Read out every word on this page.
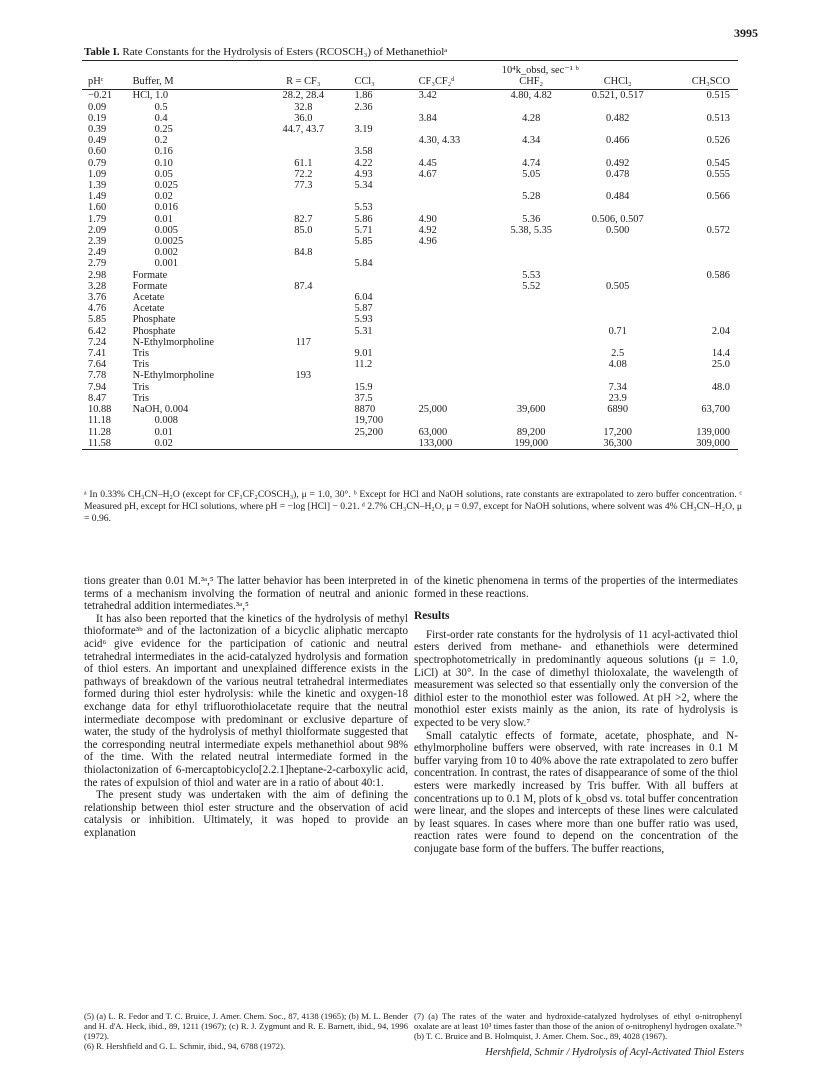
3995
Table I. Rate Constants for the Hydrolysis of Esters (RCOSCH₃) of Methanethiolᵃ
			10⁴k_obsd, sec⁻¹ ᵇ				
pHᶜ	Buffer, M	R = CF₃	CCl₃	CF₃CF₂ᵈ	CHF₂	CHCl₂	CH₃SCO
−0.21	HCl, 1.0	28.2, 28.4	1.86	3.42	4.80, 4.82	0.521, 0.517	0.515
0.09	0.5	32.8	2.36				
0.19	0.4	36.0		3.84	4.28	0.482	0.513
0.39	0.25	44.7, 43.7	3.19				
0.49	0.2			4.30, 4.33	4.34	0.466	0.526
0.60	0.16		3.58				
0.79	0.10	61.1	4.22	4.45	4.74	0.492	0.545
1.09	0.05	72.2	4.93	4.67	5.05	0.478	0.555
1.39	0.025	77.3	5.34				
1.49	0.02				5.28	0.484	0.566
1.60	0.016		5.53				
1.79	0.01	82.7	5.86	4.90	5.36	0.506, 0.507	
2.09	0.005	85.0	5.71	4.92	5.38, 5.35	0.500	0.572
2.39	0.0025		5.85	4.96			
2.49	0.002	84.8					
2.79	0.001		5.84				
2.98	Formate				5.53		0.586
3.28	Formate	87.4			5.52	0.505	
3.76	Acetate		6.04				
4.76	Acetate		5.87				
5.85	Phosphate		5.93				
6.42	Phosphate		5.31			0.71	2.04
7.24	N-Ethylmorpholine	117					
7.41	Tris		9.01			2.5	14.4
7.64	Tris		11.2			4.08	25.0
7.78	N-Ethylmorpholine	193					
7.94	Tris		15.9			7.34	48.0
8.47	Tris		37.5			23.9	
10.88	NaOH, 0.004		8870	25,000	39,600	6890	63,700
11.18	0.008		19,700				
11.28	0.01		25,200	63,000	89,200	17,200	139,000
11.58	0.02			133,000	199,000	36,300	309,000
ᵃ In 0.33% CH₃CN–H₂O (except for CF₃CF₂COSCH₃), μ = 1.0, 30°. ᵇ Except for HCl and NaOH solutions, rate constants are extrapolated to zero buffer concentration. ᶜ Measured pH, except for HCl solutions, where pH = −log [HCl] − 0.21. ᵈ 2.7% CH₃CN–H₂O, μ = 0.97, except for NaOH solutions, where solvent was 4% CH₃CN–H₂O, μ = 0.96.

tions greater than 0.01 M.³ᵃ,⁵ The latter behavior has been interpreted in terms of a mechanism involving the formation of neutral and anionic tetrahedral addition intermediates.³ᵃ,⁵

It has also been reported that the kinetics of the hydrolysis of methyl thioformate³ᵇ and of the lactonization of a bicyclic aliphatic mercapto acid⁶ give evidence for the participation of cationic and neutral tetrahedral intermediates in the acid-catalyzed hydrolysis and formation of thiol esters. An important and unexplained difference exists in the pathways of breakdown of the various neutral tetrahedral intermediates formed during thiol ester hydrolysis: while the kinetic and oxygen-18 exchange data for ethyl trifluorothiolacetate require that the neutral intermediate decompose with predominant or exclusive departure of water, the study of the hydrolysis of methyl thiolformate suggested that the corresponding neutral intermediate expels methanethiol about 98% of the time. With the related neutral intermediate formed in the thiolactonization of 6-mercaptobicyclo[2.2.1]heptane-2-carboxylic acid, the rates of expulsion of thiol and water are in a ratio of about 40:1.

The present study was undertaken with the aim of defining the relationship between thiol ester structure and the observation of acid catalysis or inhibition. Ultimately, it was hoped to provide an explanation

of the kinetic phenomena in terms of the properties of the intermediates formed in these reactions.

Results

First-order rate constants for the hydrolysis of 11 acyl-activated thiol esters derived from methane- and ethanethiols were determined spectrophotometrically in predominantly aqueous solutions (μ = 1.0, LiCl) at 30°. In the case of dimethyl thioloxalate, the wavelength of measurement was selected so that essentially only the conversion of the dithiol ester to the monothiol ester was followed. At pH >2, where the monothiol ester exists mainly as the anion, its rate of hydrolysis is expected to be very slow.⁷

Small catalytic effects of formate, acetate, phosphate, and N-ethylmorpholine buffers were observed, with rate increases in 0.1 M buffer varying from 10 to 40% above the rate extrapolated to zero buffer concentration. In contrast, the rates of disappearance of some of the thiol esters were markedly increased by Tris buffer. With all buffers at concentrations up to 0.1 M, plots of k_obsd vs. total buffer concentration were linear, and the slopes and intercepts of these lines were calculated by least squares. In cases where more than one buffer ratio was used, reaction rates were found to depend on the concentration of the conjugate base form of the buffers. The buffer reactions,

(5) (a) L. R. Fedor and T. C. Bruice, J. Amer. Chem. Soc., 87, 4138 (1965); (b) M. L. Bender and H. d'A. Heck, ibid., 89, 1211 (1967); (c) R. J. Zygmunt and R. E. Barnett, ibid., 94, 1996 (1972).
(6) R. Hershfield and G. L. Schmir, ibid., 94, 6788 (1972).
(7) (a) The rates of the water and hydroxide-catalyzed hydrolyses of ethyl o-nitrophenyl oxalate are at least 10³ times faster than those of the anion of o-nitrophenyl hydrogen oxalate.⁷ᵇ (b) T. C. Bruice and B. Holmquist, J. Amer. Chem. Soc., 89, 4028 (1967).
Hershfield, Schmir / Hydrolysis of Acyl-Activated Thiol Esters
